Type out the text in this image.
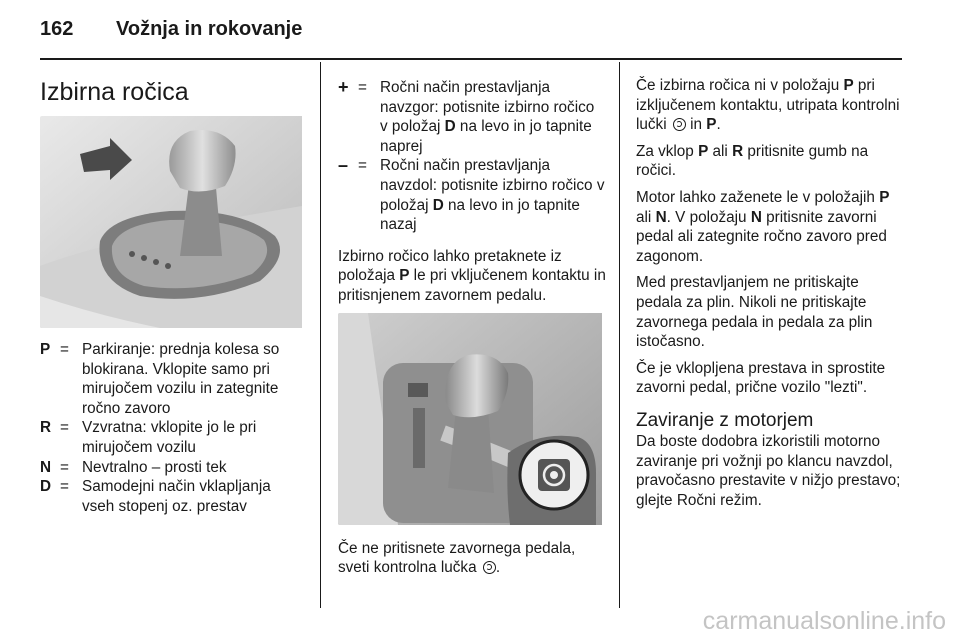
162 Vožnja in rokovanje
Izbirna ročica
P = Parkiranje: prednja kolesa so blokirana. Vklopite samo pri mirujočem vozilu in zategnite ročno zavoro
R = Vzvratna: vklopite jo le pri mirujočem vozilu
N = Nevtralno – prosti tek
D = Samodejni način vklapljanja vseh stopenj oz. prestav
+ = Ročni način prestavljanja navzgor: potisnite izbirno ročico v položaj D na levo in jo tapnite naprej
– = Ročni način prestavljanja navzdol: potisnite izbirno ročico v položaj D na levo in jo tapnite nazaj

Izbirno ročico lahko pretaknete iz položaja P le pri vključenem kontaktu in pritisnjenem zavornem pedalu.

Če ne pritisnete zavornega pedala, sveti kontrolna lučka .

Če izbirna ročica ni v položaju P pri izključenem kontaktu, utripata kontrolni lučki  in P.

Za vklop P ali R pritisnite gumb na ročici.

Motor lahko zaženete le v položajih P ali N. V položaju N pritisnite zavorni pedal ali zategnite ročno zavoro pred zagonom.

Med prestavljanjem ne pritiskajte pedala za plin. Nikoli ne pritiskajte zavornega pedala in pedala za plin istočasno.

Če je vklopljena prestava in sprostite zavorni pedal, prične vozilo "lezti".

Zaviranje z motorjem

Da boste dodobra izkoristili motorno zaviranje pri vožnji po klancu navzdol, pravočasno prestavite v nižjo prestavo; glejte Ročni režim.

carmanualsonline.info
